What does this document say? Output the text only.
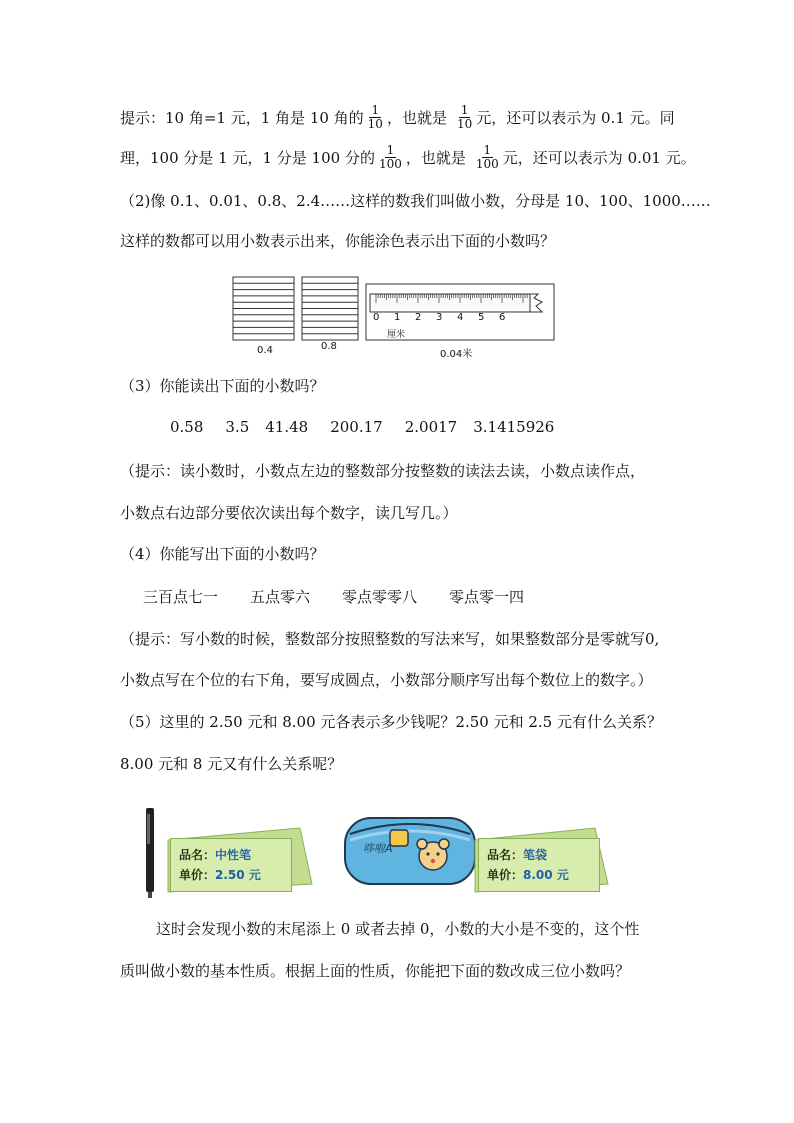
提示：10 角=1 元，1 角是 10 角的 $\frac{1}{10}$ ，也就是 $\frac{1}{10}$ 元，还可以表示为 0.1 元。同
理，100 分是 1 元，1 分是 100 分的 $\frac{1}{100}$ ，也就是 $\frac{1}{100}$ 元，还可以表示为 0.01 元。
（2)像 0.1、0.01、0.8、2.4……这样的数我们叫做小数，分母是 10、100、1000……
这样的数都可以用小数表示出来，你能涂色表示出下面的小数吗？
0.4	0.8
0.04米
0 1 2 3 4 5 6
厘米
（3）你能读出下面的小数吗？
0.58 3.5 41.48 200.17 2.0017 3.1415926
（提示：读小数时，小数点左边的整数部分按整数的读法去读，小数点读作点，
小数点右边部分要依次读出每个数字，读几写几。）
（4）你能写出下面的小数吗？
三百点七一 五点零六 零点零零八 零点零一四
（提示：写小数的时候，整数部分按照整数的写法来写，如果整数部分是零就写0,
小数点写在个位的右下角，要写成圆点，小数部分顺序写出每个数位上的数字。）
（5）这里的 2.50 元和 8.00 元各表示多少钱呢？2.50 元和 2.5 元有什么关系？
8.00 元和 8 元又有什么关系呢？
哆啦A
品名：中性笔
单价：2.50 元
品名：笔袋
单价：8.00 元
这时会发现小数的末尾添上 0 或者去掉 0，小数的大小是不变的，这个性
质叫做小数的基本性质。根据上面的性质，你能把下面的数改成三位小数吗？
